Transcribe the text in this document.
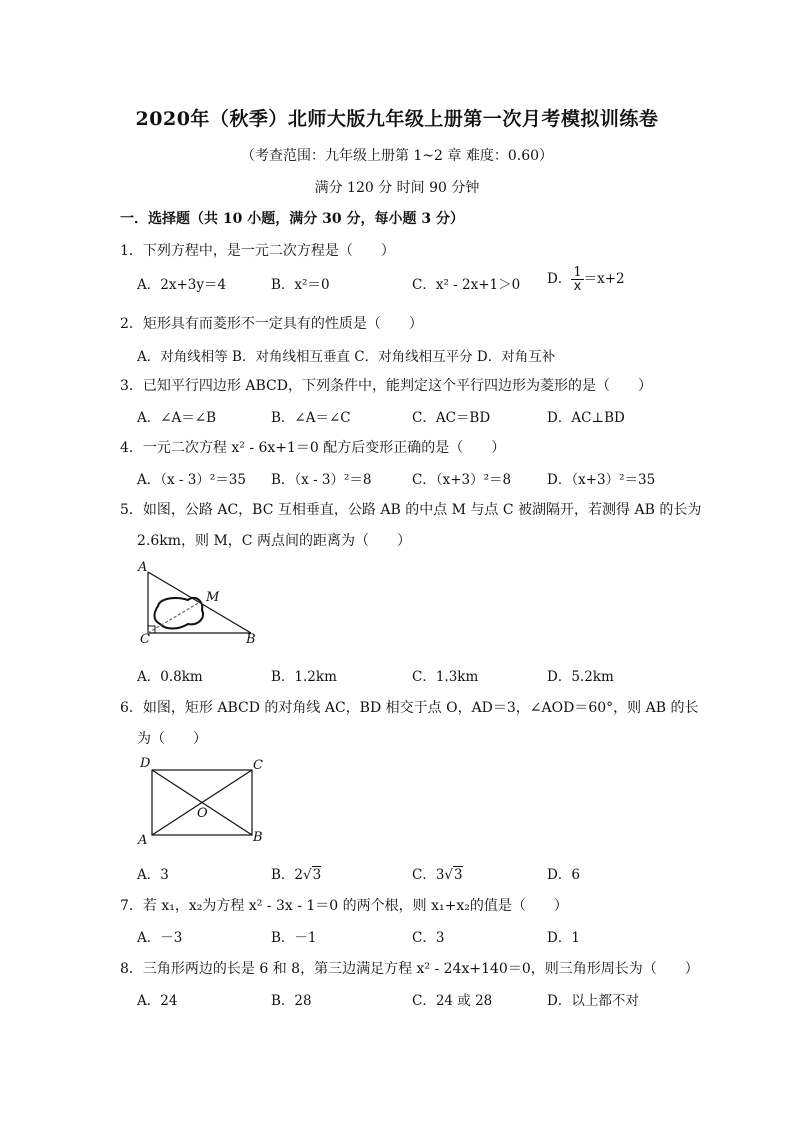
2020年（秋季）北师大版九年级上册第一次月考模拟训练卷
（考查范围：九年级上册第 1~2 章 难度：0.60）
满分 120 分 时间 90 分钟
一．选择题（共 10 小题，满分 30 分，每小题 3 分）
1．下列方程中，是一元二次方程是（　　）
A．2x+3y＝4	B．x²＝0	C．x² - 2x+1＞0 D． $\frac{1}{x} =x+2$
2．矩形具有而菱形不一定具有的性质是（　　）
A．对角线相等 B．对角线相互垂直 C．对角线相互平分 D．对角互补
3．已知平行四边形 ABCD，下列条件中，能判定这个平行四边形为菱形的是（　　）
A．∠A＝∠B	B．∠A＝∠C	C．AC＝BD	D．AC⊥BD
4．一元二次方程 x² - 6x+1＝0 配方后变形正确的是（　　）
A．（x - 3）²＝35 B．（x - 3）²＝8	C．（x+3）²＝8	D．（x+3）²＝35
5．如图，公路 AC，BC 互相垂直，公路 AB 的中点 M 与点 C 被湖隔开，若测得 AB 的长为
2.6km，则 M，C 两点间的距离为（　　）
A
M
C	B
A．0.8km	B．1.2km	C．1.3km	D．5.2km
6．如图，矩形 ABCD 的对角线 AC，BD 相交于点 O，AD＝3，∠AOD＝60°，则 AB 的长
为（　　）
D	C
O
A	B
A．3	B．2√3	C．3√3	D．6
7．若 x₁，x₂为方程 x² - 3x - 1＝0 的两个根，则 x₁+x₂的值是（　　）
A．－3	B．－1	C．3	D．1
8．三角形两边的长是 6 和 8，第三边满足方程 x² - 24x+140＝0，则三角形周长为（　　）
A．24	B．28	C．24 或 28	D．以上都不对
